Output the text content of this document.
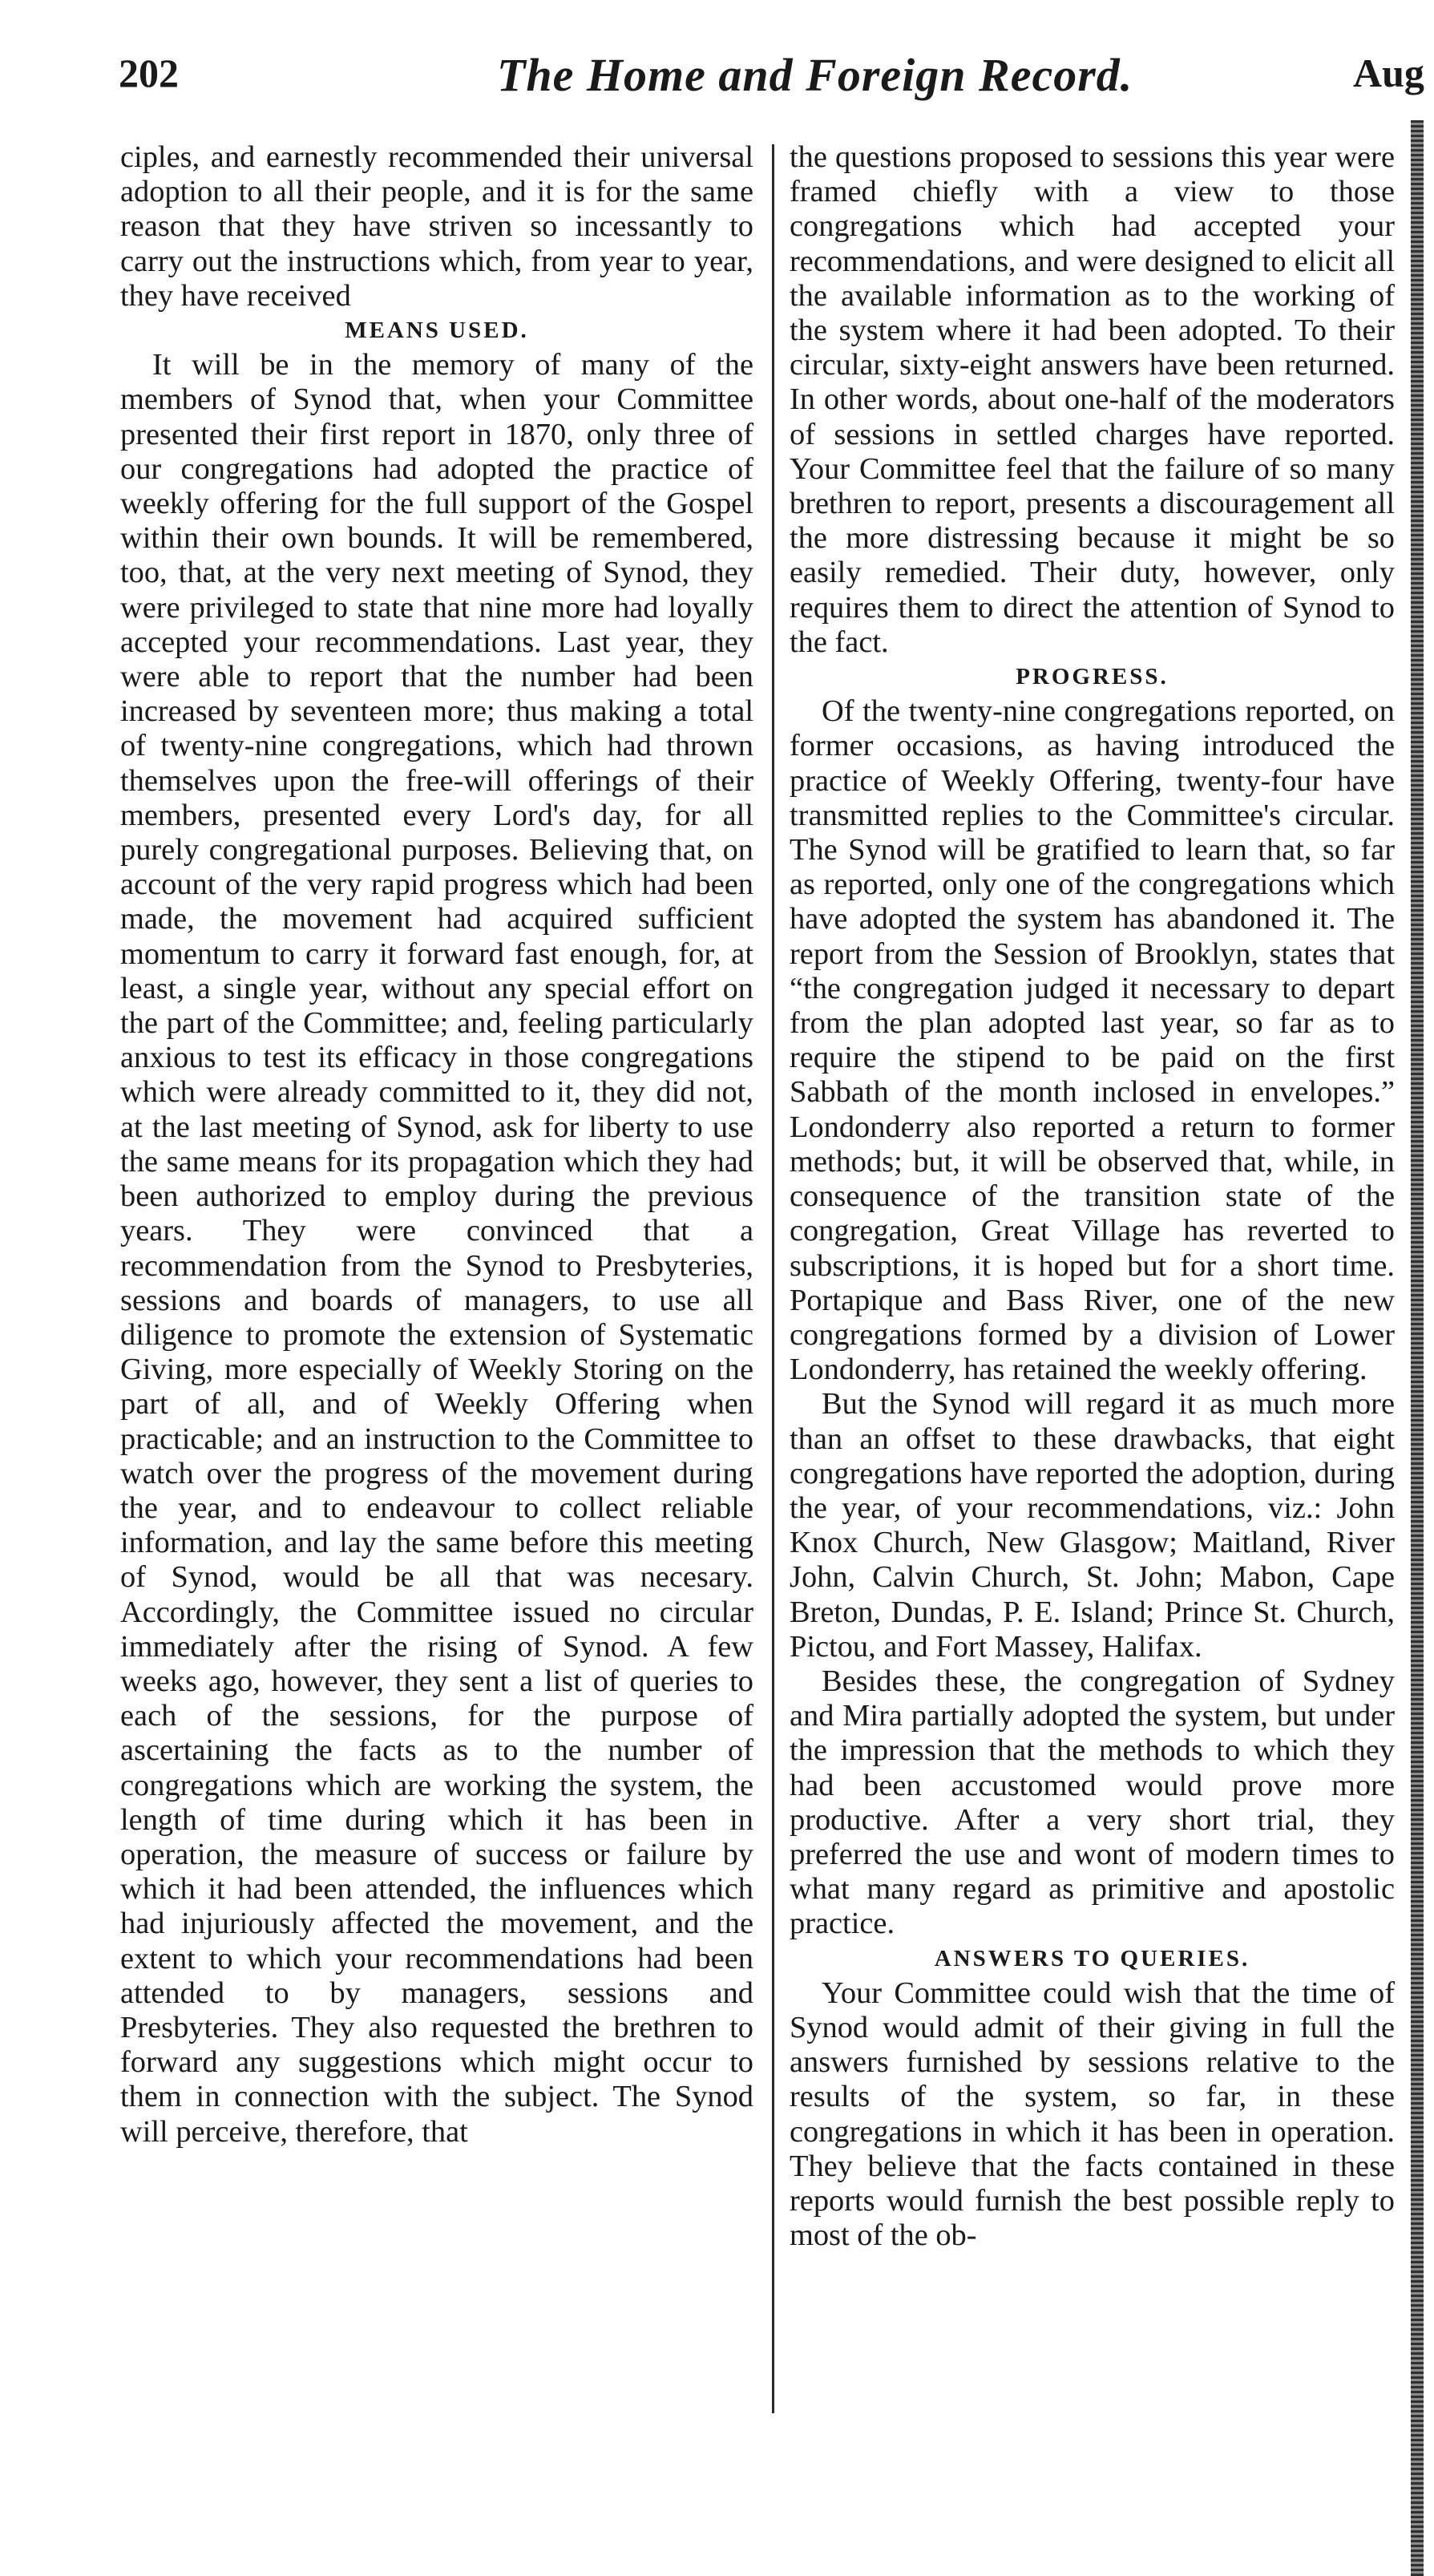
202	The Home and Foreign Record.	Aug

ciples, and earnestly recommended their universal adoption to all their people, and it is for the same reason that they have striven so incessantly to carry out the instructions which, from year to year, they have received

MEANS USED.

It will be in the memory of many of the members of Synod that, when your Committee presented their first report in 1870, only three of our congregations had adopted the practice of weekly offering for the full support of the Gospel within their own bounds. It will be remembered, too, that, at the very next meeting of Synod, they were privileged to state that nine more had loyally accepted your recommendations. Last year, they were able to report that the number had been increased by seventeen more; thus making a total of twenty-nine congregations, which had thrown themselves upon the free-will offerings of their members, presented every Lord's day, for all purely congregational purposes. Believing that, on account of the very rapid progress which had been made, the movement had acquired sufficient momentum to carry it forward fast enough, for, at least, a single year, without any special effort on the part of the Committee; and, feeling particularly anxious to test its efficacy in those congregations which were already committed to it, they did not, at the last meeting of Synod, ask for liberty to use the same means for its propagation which they had been authorized to employ during the previous years. They were convinced that a recommendation from the Synod to Presbyteries, sessions and boards of managers, to use all diligence to promote the extension of Systematic Giving, more especially of Weekly Storing on the part of all, and of Weekly Offering when practicable; and an instruction to the Committee to watch over the progress of the movement during the year, and to endeavour to collect reliable information, and lay the same before this meeting of Synod, would be all that was necesary. Accordingly, the Committee issued no circular immediately after the rising of Synod. A few weeks ago, however, they sent a list of queries to each of the sessions, for the purpose of ascertaining the facts as to the number of congregations which are working the system, the length of time during which it has been in operation, the measure of success or failure by which it had been attended, the influences which had injuriously affected the movement, and the extent to which your recommendations had been attended to by managers, sessions and Presbyteries. They also requested the brethren to forward any suggestions which might occur to them in connection with the subject. The Synod will perceive, therefore, that

the questions proposed to sessions this year were framed chiefly with a view to those congregations which had accepted your recommendations, and were designed to elicit all the available information as to the working of the system where it had been adopted. To their circular, sixty-eight answers have been returned. In other words, about one-half of the moderators of sessions in settled charges have reported. Your Committee feel that the failure of so many brethren to report, presents a discouragement all the more distressing because it might be so easily remedied. Their duty, however, only requires them to direct the attention of Synod to the fact.

PROGRESS.

Of the twenty-nine congregations reported, on former occasions, as having introduced the practice of Weekly Offering, twenty-four have transmitted replies to the Committee's circular. The Synod will be gratified to learn that, so far as reported, only one of the congregations which have adopted the system has abandoned it. The report from the Session of Brooklyn, states that “the congregation judged it necessary to depart from the plan adopted last year, so far as to require the stipend to be paid on the first Sabbath of the month inclosed in envelopes.” Londonderry also reported a return to former methods; but, it will be observed that, while, in consequence of the transition state of the congregation, Great Village has reverted to subscriptions, it is hoped but for a short time. Portapique and Bass River, one of the new congregations formed by a division of Lower Londonderry, has retained the weekly offering.

But the Synod will regard it as much more than an offset to these drawbacks, that eight congregations have reported the adoption, during the year, of your recommendations, viz.: John Knox Church, New Glasgow; Maitland, River John, Calvin Church, St. John; Mabon, Cape Breton, Dundas, P. E. Island; Prince St. Church, Pictou, and Fort Massey, Halifax.

Besides these, the congregation of Sydney and Mira partially adopted the system, but under the impression that the methods to which they had been accustomed would prove more productive. After a very short trial, they preferred the use and wont of modern times to what many regard as primitive and apostolic practice.

ANSWERS TO QUERIES.

Your Committee could wish that the time of Synod would admit of their giving in full the answers furnished by sessions relative to the results of the system, so far, in these congregations in which it has been in operation. They believe that the facts contained in these reports would furnish the best possible reply to most of the ob-
